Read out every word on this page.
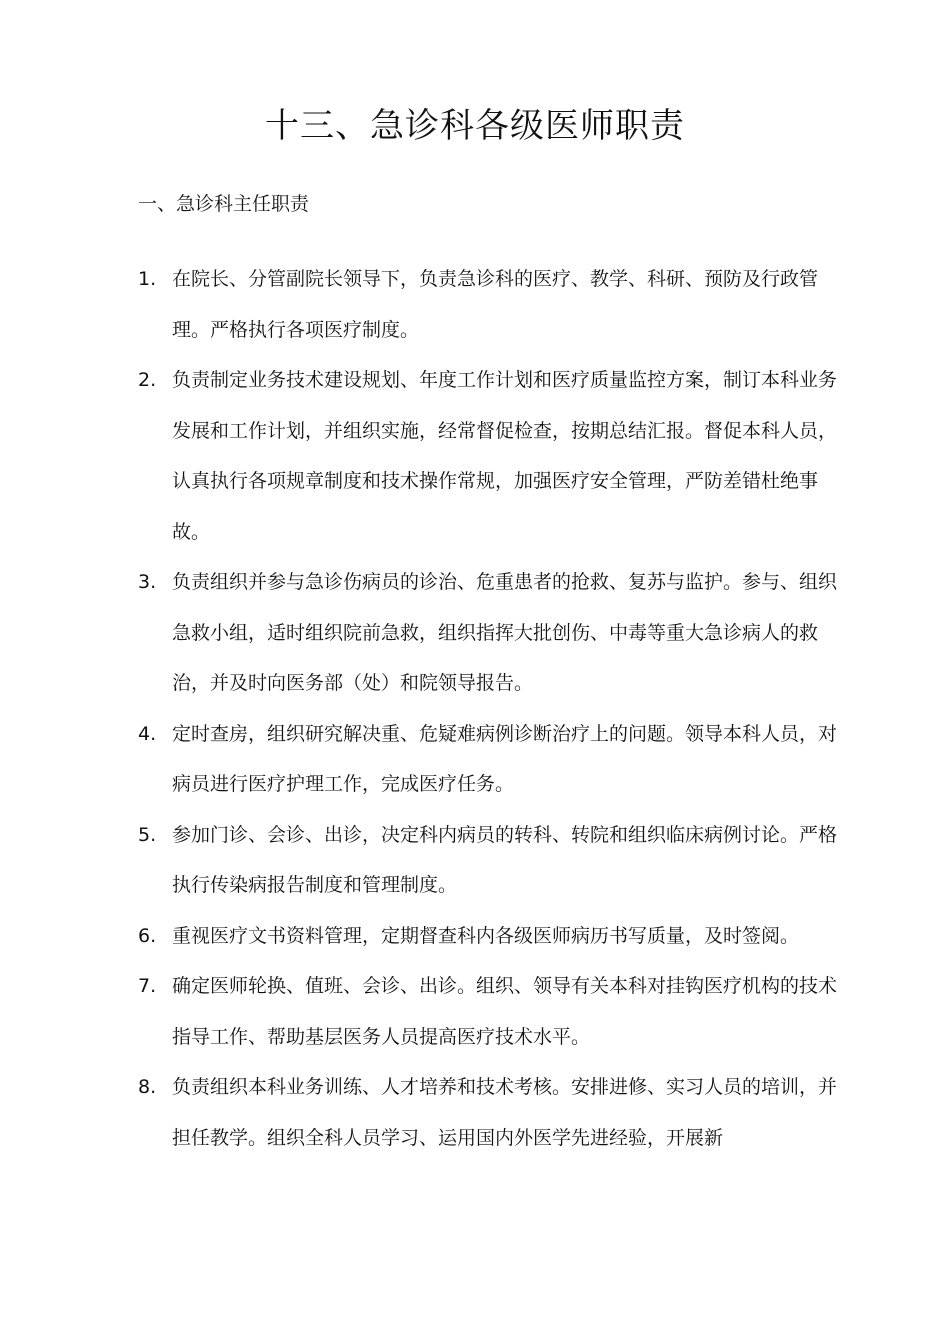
十三、急诊科各级医师职责

一、急诊科主任职责

1. 在院长、分管副院长领导下，负责急诊科的医疗、教学、科研、预防及行政管理。严格执行各项医疗制度。
2. 负责制定业务技术建设规划、年度工作计划和医疗质量监控方案，制订本科业务发展和工作计划，并组织实施，经常督促检查，按期总结汇报。督促本科人员，认真执行各项规章制度和技术操作常规，加强医疗安全管理，严防差错杜绝事故。
3. 负责组织并参与急诊伤病员的诊治、危重患者的抢救、复苏与监护。参与、组织急救小组，适时组织院前急救，组织指挥大批创伤、中毒等重大急诊病人的救治，并及时向医务部（处）和院领导报告。
4. 定时查房，组织研究解决重、危疑难病例诊断治疗上的问题。领导本科人员，对病员进行医疗护理工作，完成医疗任务。
5. 参加门诊、会诊、出诊，决定科内病员的转科、转院和组织临床病例讨论。严格执行传染病报告制度和管理制度。
6. 重视医疗文书资料管理，定期督查科内各级医师病历书写质量，及时签阅。
7. 确定医师轮换、值班、会诊、出诊。组织、领导有关本科对挂钩医疗机构的技术指导工作、帮助基层医务人员提高医疗技术水平。
8. 负责组织本科业务训练、人才培养和技术考核。安排进修、实习人员的培训，并担任教学。组织全科人员学习、运用国内外医学先进经验，开展新
